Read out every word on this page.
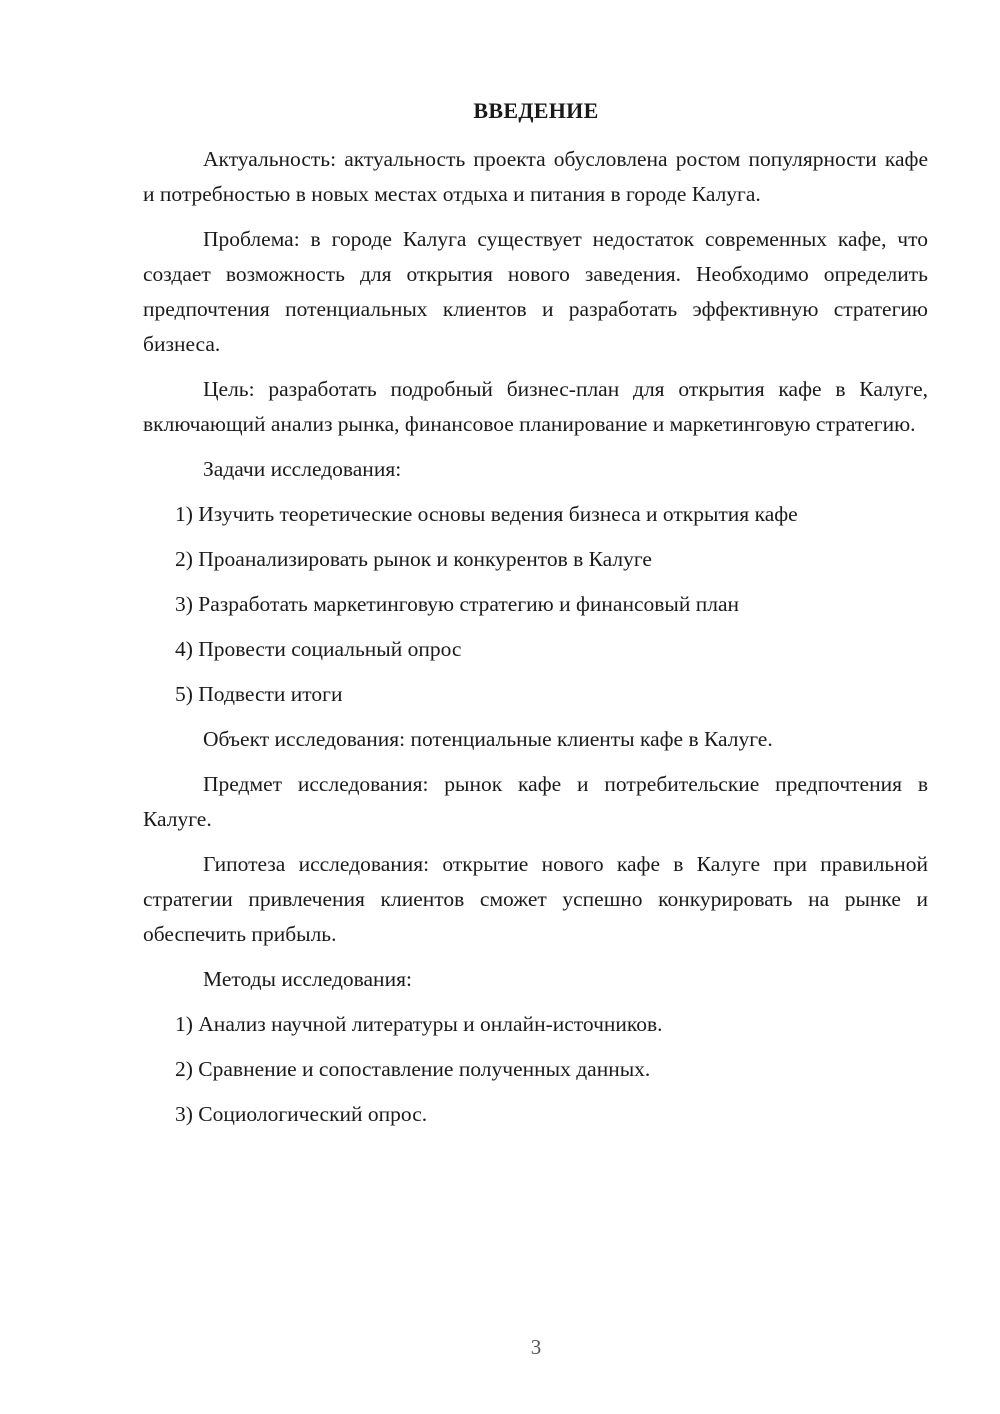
ВВЕДЕНИЕ

Актуальность: актуальность проекта обусловлена ростом популярности кафе и потребностью в новых местах отдыха и питания в городе Калуга.

Проблема: в городе Калуга существует недостаток современных кафе, что создает возможность для открытия нового заведения. Необходимо определить предпочтения потенциальных клиентов и разработать эффективную стратегию бизнеса.

Цель: разработать подробный бизнес-план для открытия кафе в Калуге, включающий анализ рынка, финансовое планирование и маркетинговую стратегию.

Задачи исследования:

1) Изучить теоретические основы ведения бизнеса и открытия кафе

2) Проанализировать рынок и конкурентов в Калуге

3) Разработать маркетинговую стратегию и финансовый план

4) Провести социальный опрос

5) Подвести итоги

Объект исследования: потенциальные клиенты кафе в Калуге.

Предмет исследования: рынок кафе и потребительские предпочтения в Калуге.

Гипотеза исследования: открытие нового кафе в Калуге при правильной стратегии привлечения клиентов сможет успешно конкурировать на рынке и обеспечить прибыль.

Методы исследования:

1) Анализ научной литературы и онлайн-источников.

2) Сравнение и сопоставление полученных данных.

3) Социологический опрос.

3
